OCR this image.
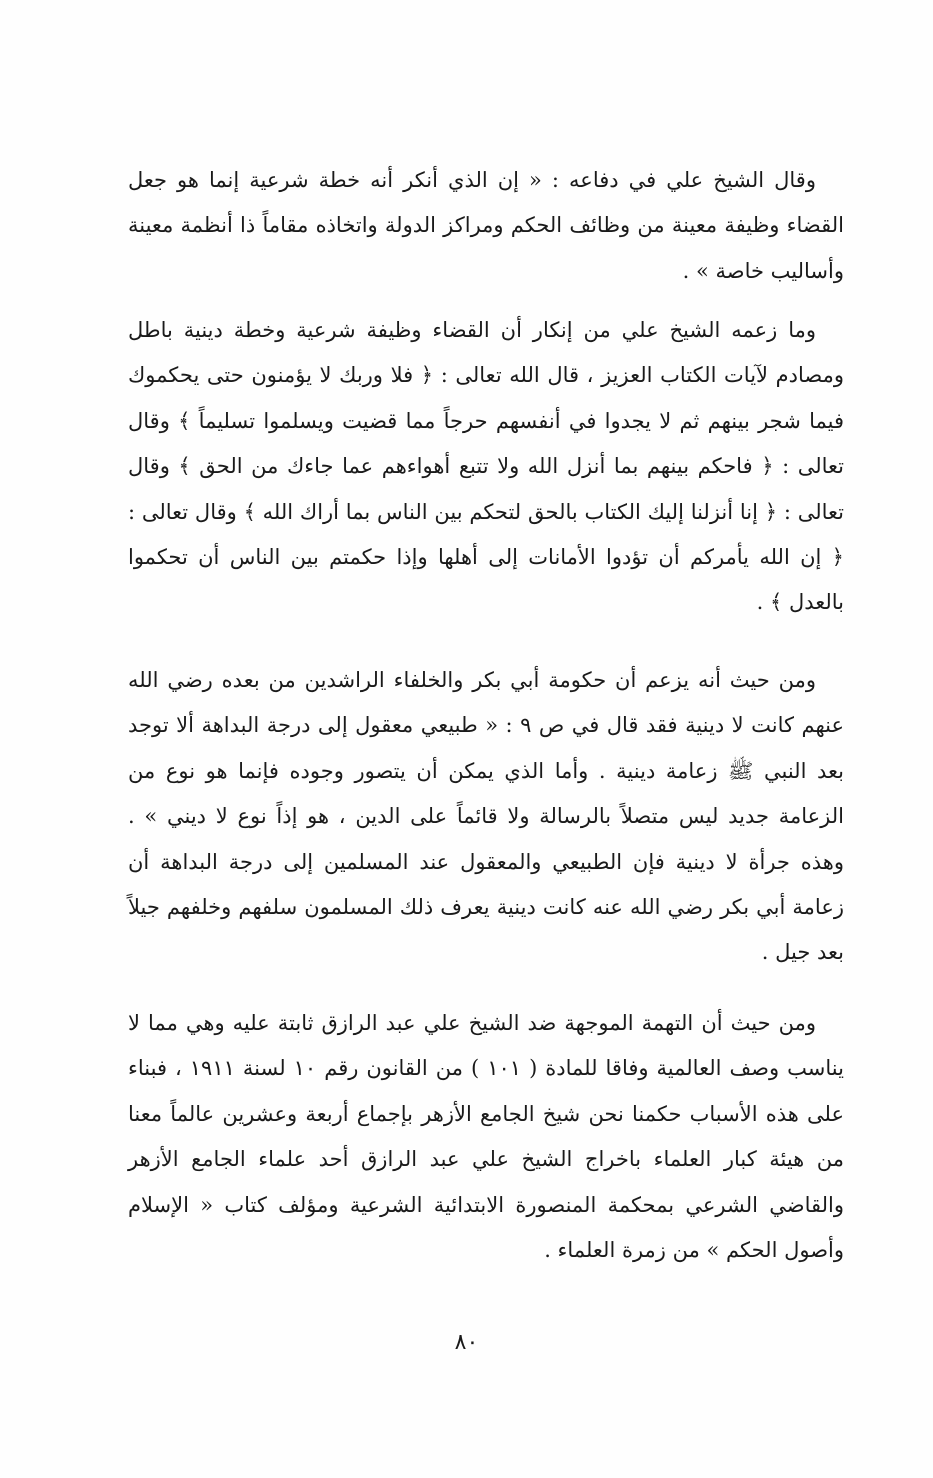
وقال الشيخ علي في دفاعه : « إن الذي أنكر أنه خطة شرعية إنما هو جعل القضاء وظيفة معينة من وظائف الحكم ومراكز الدولة واتخاذه مقاماً ذا أنظمة معينة وأساليب خاصة » .

وما زعمه الشيخ علي من إنكار أن القضاء وظيفة شرعية وخطة دينية باطل ومصادم لآيات الكتاب العزيز ، قال الله تعالى : ﴿ فلا وربك لا يؤمنون حتى يحكموك فيما شجر بينهم ثم لا يجدوا في أنفسهم حرجاً مما قضيت ويسلموا تسليماً ﴾ وقال تعالى : ﴿ فاحكم بينهم بما أنزل الله ولا تتبع أهواءهم عما جاءك من الحق ﴾ وقال تعالى : ﴿ إنا أنزلنا إليك الكتاب بالحق لتحكم بين الناس بما أراك الله ﴾ وقال تعالى : ﴿ إن الله يأمركم أن تؤدوا الأمانات إلى أهلها وإذا حكمتم بين الناس أن تحكموا بالعدل ﴾ .

ومن حيث أنه يزعم أن حكومة أبي بكر والخلفاء الراشدين من بعده رضي الله عنهم كانت لا دينية فقد قال في ص ٩ : « طبيعي معقول إلى درجة البداهة ألا توجد بعد النبي ﷺ زعامة دينية . وأما الذي يمكن أن يتصور وجوده فإنما هو نوع من الزعامة جديد ليس متصلاً بالرسالة ولا قائماً على الدين ، هو إذاً نوع لا ديني » . وهذه جرأة لا دينية فإن الطبيعي والمعقول عند المسلمين إلى درجة البداهة أن زعامة أبي بكر رضي الله عنه كانت دينية يعرف ذلك المسلمون سلفهم وخلفهم جيلاً بعد جيل .

ومن حيث أن التهمة الموجهة ضد الشيخ علي عبد الرازق ثابتة عليه وهي مما لا يناسب وصف العالمية وفاقا للمادة ( ١٠١ ) من القانون رقم ١٠ لسنة ١٩١١ ، فبناء على هذه الأسباب حكمنا نحن شيخ الجامع الأزهر بإجماع أربعة وعشرين عالماً معنا من هيئة كبار العلماء باخراج الشيخ علي عبد الرازق أحد علماء الجامع الأزهر والقاضي الشرعي بمحكمة المنصورة الابتدائية الشرعية ومؤلف كتاب « الإسلام وأصول الحكم » من زمرة العلماء .

٨٠
